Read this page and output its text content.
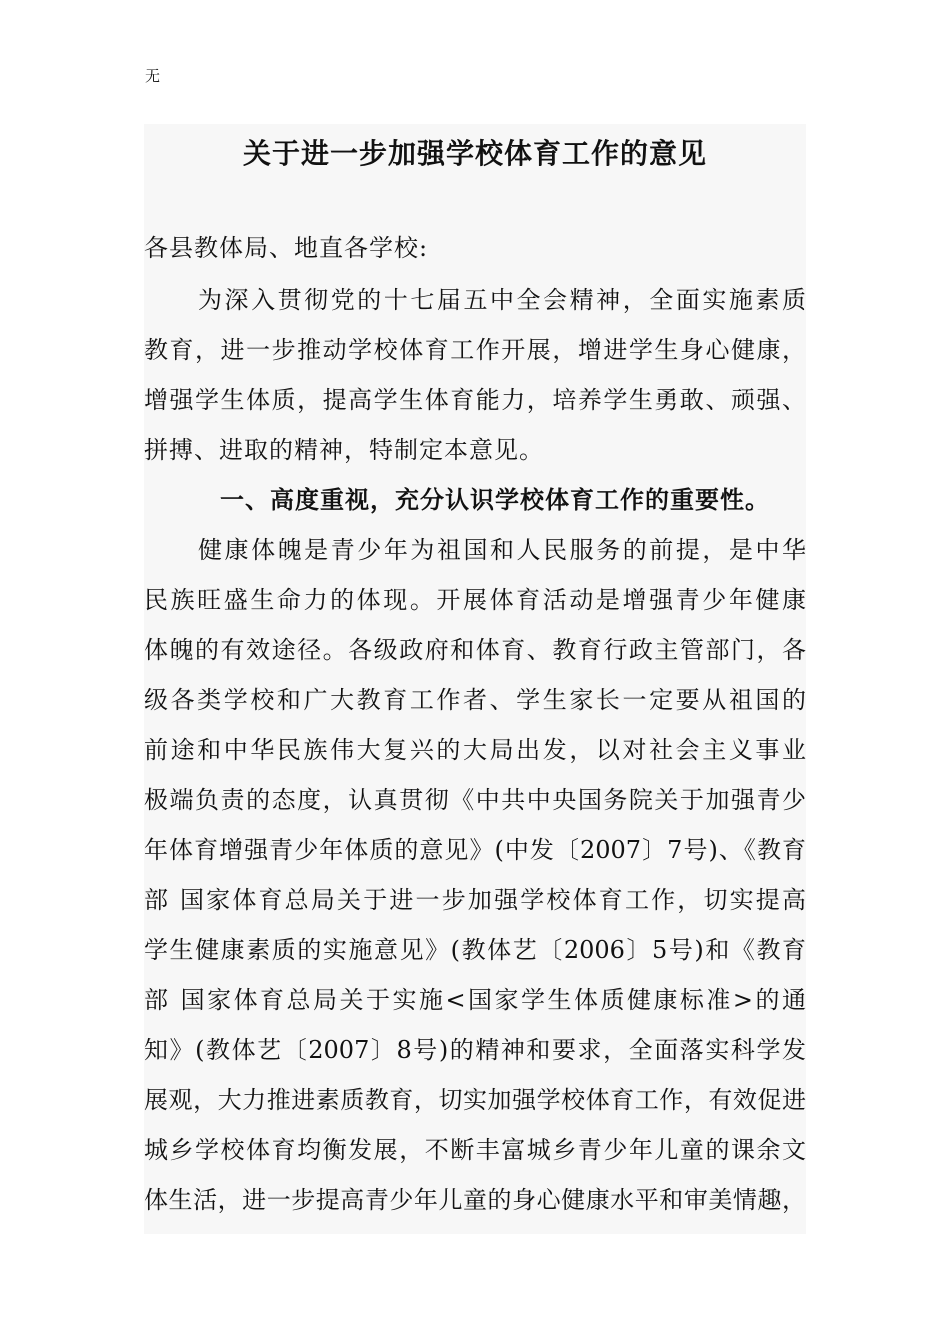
无
关于进一步加强学校体育工作的意见
各县教体局、地直各学校:
为深入贯彻党的十七届五中全会精神，全面实施素质
教育，进一步推动学校体育工作开展，增进学生身心健康，
增强学生体质，提高学生体育能力，培养学生勇敢、顽强、
拼搏、进取的精神，特制定本意见。
一、高度重视，充分认识学校体育工作的重要性。
健康体魄是青少年为祖国和人民服务的前提，是中华
民族旺盛生命力的体现。开展体育活动是增强青少年健康
体魄的有效途径。各级政府和体育、教育行政主管部门，各
级各类学校和广大教育工作者、学生家长一定要从祖国的
前途和中华民族伟大复兴的大局出发，以对社会主义事业
极端负责的态度，认真贯彻《中共中央国务院关于加强青少
年体育增强青少年体质的意见》(中发〔2007〕7号)、《教育
部 国家体育总局关于进一步加强学校体育工作，切实提高
学生健康素质的实施意见》(教体艺〔2006〕5号)和《教育
部 国家体育总局关于实施<国家学生体质健康标准>的通
知》(教体艺〔2007〕8号)的精神和要求，全面落实科学发
展观，大力推进素质教育，切实加强学校体育工作，有效促进
城乡学校体育均衡发展，不断丰富城乡青少年儿童的课余文
体生活，进一步提高青少年儿童的身心健康水平和审美情趣，
